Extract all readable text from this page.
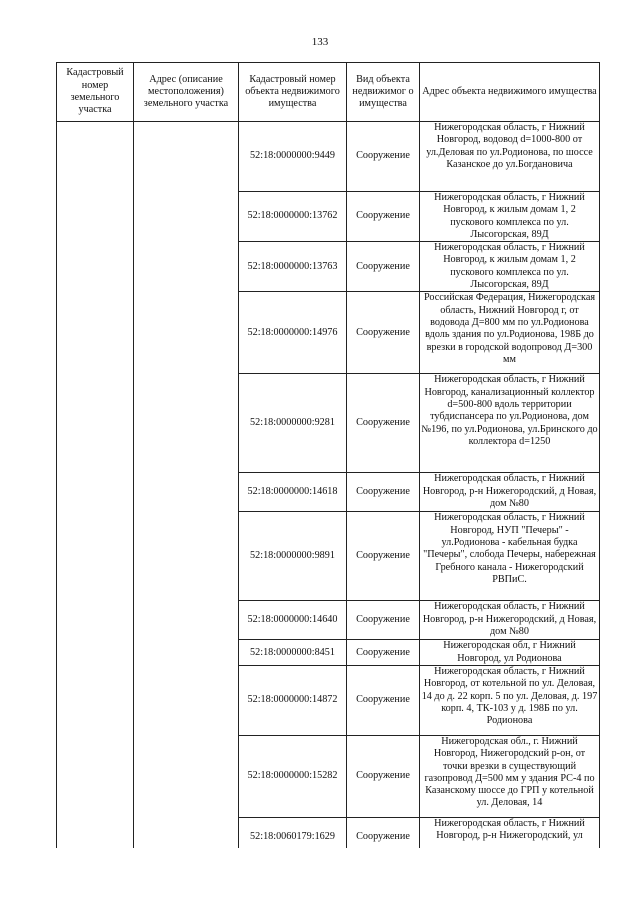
133
Кадастровый номер земельного участка	Адрес (описание местоположения) земельного участка	Кадастровый номер объекта недвижимого имущества	Вид объекта недвижимог о имущества	Адрес объекта недвижимого имущества
		52:18:0000000:9449	Сооружение	Нижегородская область, г Нижний Новгород, водовод d=1000-800 от ул.Деловая по ул.Родионова, по шоссе Казанское до ул.Богдановича
		52:18:0000000:13762	Сооружение	Нижегородская область, г Нижний Новгород, к жилым домам 1, 2 пускового комплекса по ул. Лысогорская, 89Д
		52:18:0000000:13763	Сооружение	Нижегородская область, г Нижний Новгород, к жилым домам 1, 2 пускового комплекса по ул. Лысогорская, 89Д
		52:18:0000000:14976	Сооружение	Российская Федерация, Нижегородская область, Нижний Новгород г, от водовода Д=800 мм по ул.Родионова вдоль здания по ул.Родионова, 198Б до врезки в городской водопровод Д=300 мм
		52:18:0000000:9281	Сооружение	Нижегородская область, г Нижний Новгород, канализационный коллектор d=500-800 вдоль территории тубдиспансера по ул.Родионова, дом №196, по ул.Родионова, ул.Бринского до коллектора d=1250
		52:18:0000000:14618	Сооружение	Нижегородская область, г Нижний Новгород, р-н Нижегородский, д Новая, дом №80
		52:18:0000000:9891	Сооружение	Нижегородская область, г Нижний Новгород, НУП "Печеры" - ул.Родионова - кабельная будка "Печеры", слобода Печеры, набережная Гребного канала - Нижегородский РВПиС.
		52:18:0000000:14640	Сооружение	Нижегородская область, г Нижний Новгород, р-н Нижегородский, д Новая, дом №80
		52:18:0000000:8451	Сооружение	Нижегородская обл, г Нижний Новгород, ул Родионова
		52:18:0000000:14872	Сооружение	Нижегородская область, г Нижний Новгород, от котельной по ул. Деловая, 14 до д. 22 корп. 5 по ул. Деловая, д. 197 корп. 4, ТК-103 у д. 198Б по ул. Родионова
		52:18:0000000:15282	Сооружение	Нижегородская обл., г. Нижний Новгород, Нижегородский р-он, от точки врезки в существующий газопровод Д=500 мм у здания РС-4 по Казанскому шоссе до ГРП у котельной ул. Деловая, 14
		52:18:0060179:1629	Сооружение	Нижегородская область, г Нижний Новгород, р-н Нижегородский, ул
